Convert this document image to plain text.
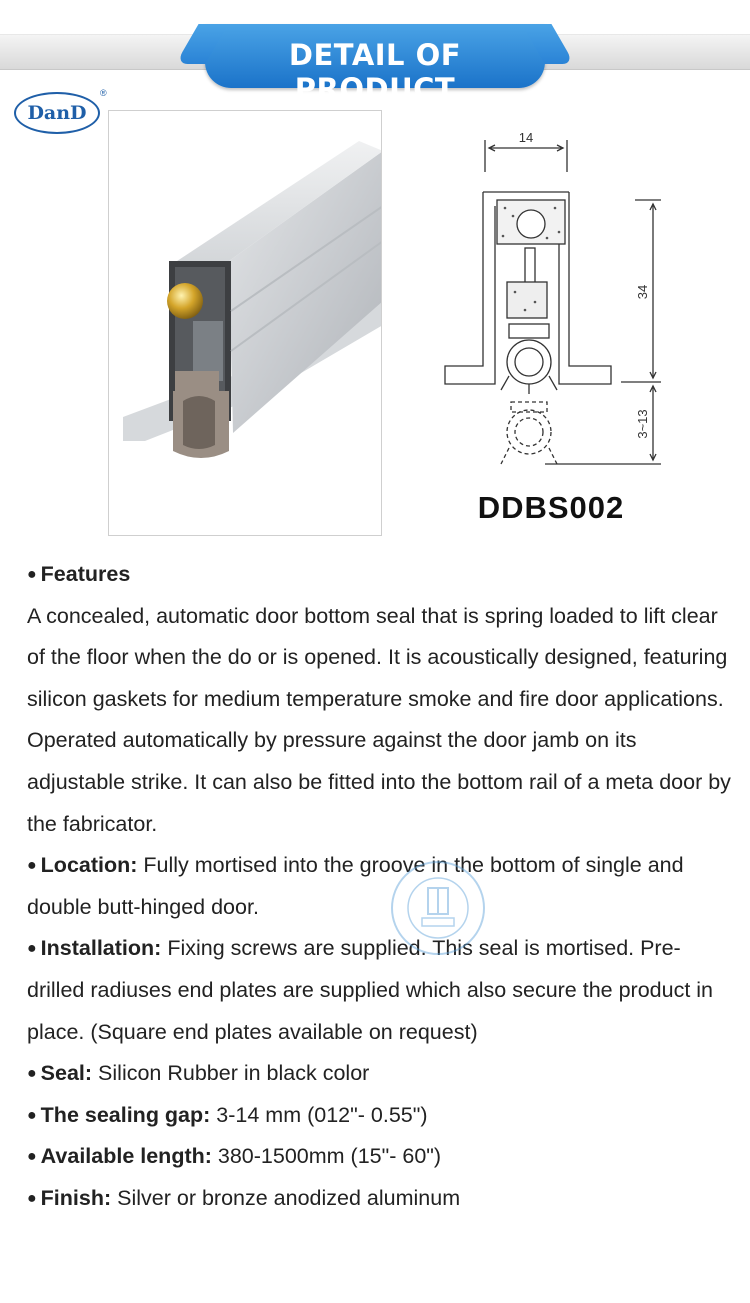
DETAIL OF PRODUCT
DanD
®
14
34
3~13
DDBS002

● Features

A concealed, automatic door bottom seal that is spring loaded to lift clear of the floor when the do or is opened. It is acoustically designed, featuring silicon gaskets for medium temperature smoke and fire door applications. Operated automatically by pressure against the door jamb on its adjustable strike. It can also be fitted into the bottom rail of a meta door by the fabricator.

● Location: Fully mortised into the groove in the bottom of single and double butt-hinged door.

● Installation: Fixing screws are supplied. This seal is mortised. Pre-drilled radiuses end plates are supplied which also secure the product in place. (Square end plates available on request)

● Seal: Silicon Rubber in black color

● The sealing gap: 3-14 mm (012"- 0.55")

● Available length: 380-1500mm (15"- 60")

● Finish: Silver or bronze anodized aluminum
